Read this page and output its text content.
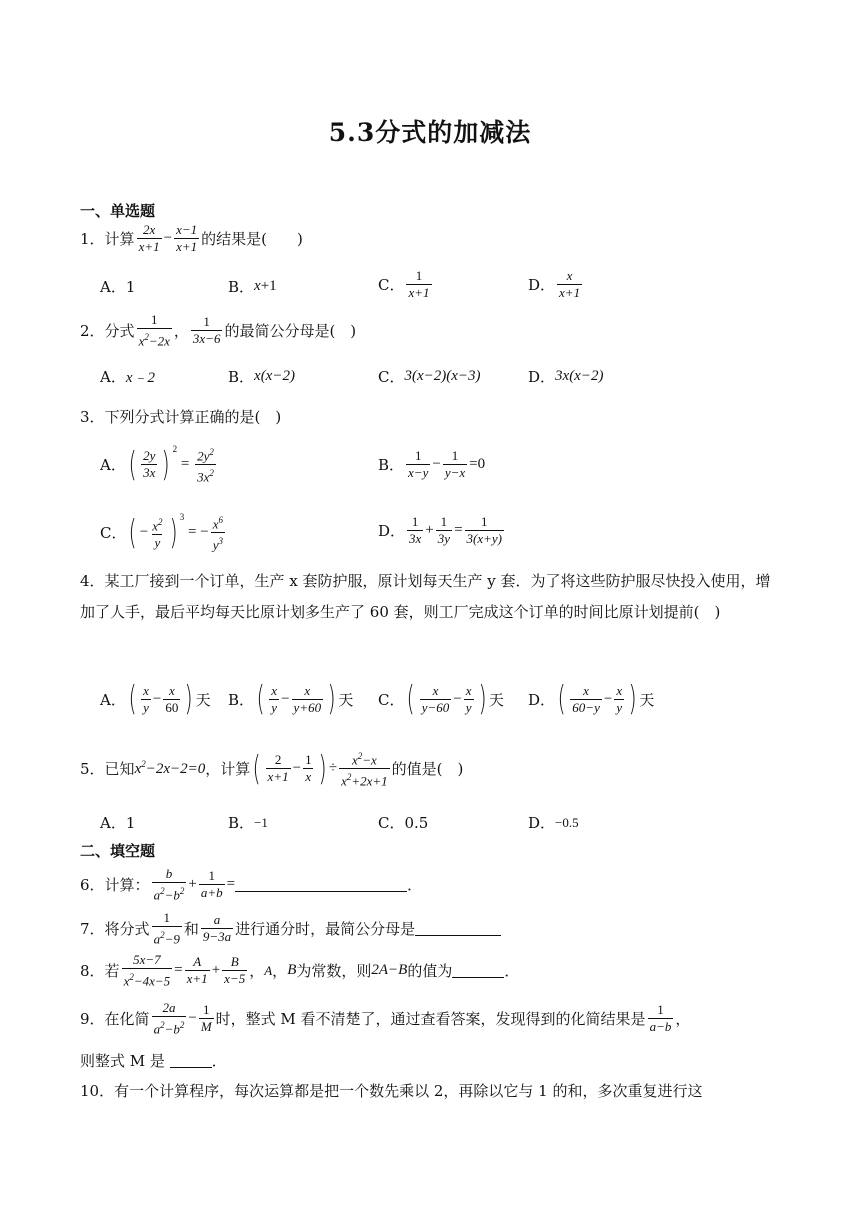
5.3分式的加减法
一、单选题
1． 计算 $\frac{2x}{x+1} - \frac{x-1}{x+1}$ 的结果是(　　)
A．1	B． x +1	C． $\frac{1}{x+1}$	D． $\frac{x}{x+1}$
2． 分式 $\frac{1}{x^2-2x}$ ， $\frac{1}{3x-6}$ 的最简公分母是(　)
A． x﹣2	B． x(x−2)	C． 3(x−2)(x−3)	D． 3x(x−2)
3．下列分式计算正确的是(　)
A． ( $\frac{2y}{3x}$ ) $^2$
= $\frac{2y^2}{3x^2}$	B． $\frac{1}{x-y} - \frac{1}{y-x} =0$
C． ( − $\frac{x^2}{y}$ ) $^3$
= − $\frac{x^6}{y^3}$	D． $\frac{1}{3x} + \frac{1}{3y} = \frac{1}{3(x+y)}$
4．某工厂接到一个订单，生产 x 套防护服，原计划每天生产 y 套．为了将这些防护服尽快投入使用，增加了人手，最后平均每天比原计划多生产了 60 套，则工厂完成这个订单的时间比原计划提前(　)
A． ( $\frac{x}{y} - \frac{x}{60}$ ) 天 B． ( $\frac{x}{y} - \frac{x}{y+60}$ ) 天 C． ( $\frac{x}{y-60} - \frac{x}{y}$ ) 天 D． ( $\frac{x}{60-y} - \frac{x}{y}$ ) 天
5． 已知 $x^2-2x-2=0$ ，计算 ( $\frac{2}{x+1} - \frac{1}{x}$ ) ÷ $\frac{x^2-x}{x^2+2x+1}$ 的值是(　)
A．1	B． −1	C．0.5	D． −0.5
二、填空题
6． 计算： $\frac{b}{a^2-b^2} + \frac{1}{a+b}$ =	．
7． 将分式 $\frac{1}{a^2-9}$ 和 $\frac{a}{9-3a}$ 进行通分时，最简公分母是
8． 若 $\frac{5x-7}{x^2-4x-5} = \frac{A}{x+1} + \frac{B}{x-5}$ ， A ， B 为常数，则 2A−B 的值为	．
9． 在化简 $\frac{2a}{a^2-b^2} - \frac{1}{M}$ 时，整式 M 看不清楚了，通过查看答案，发现得到的化简结果是 $\frac{1}{a-b}$ ，
则整式 M 是
	．
10．有一个计算程序，每次运算都是把一个数先乘以 2，再除以它与 1 的和，多次重复进行这
